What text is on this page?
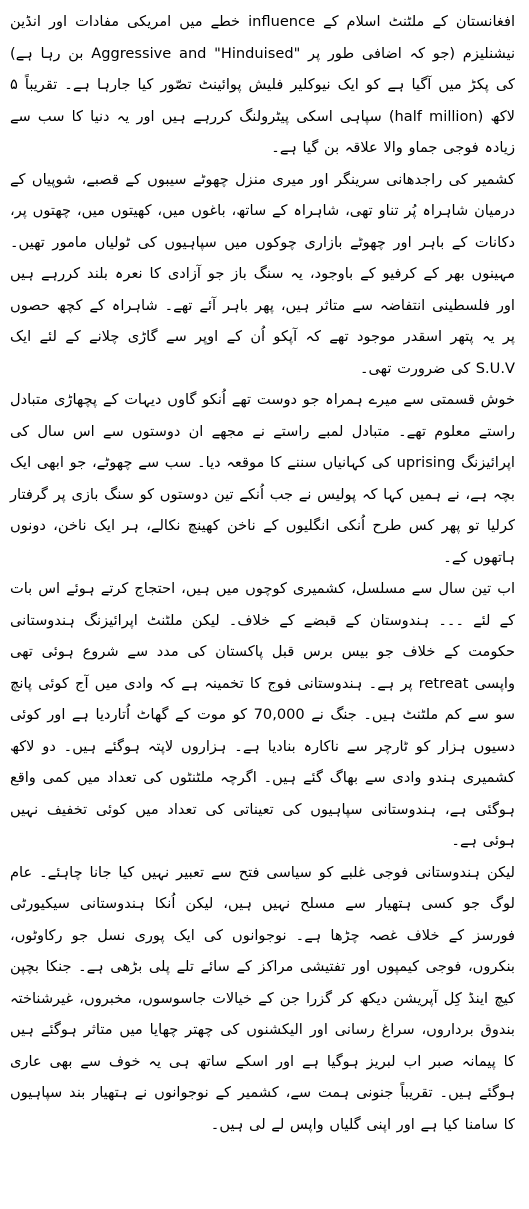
افغانستان کے ملٹنٹ اسلام کے influence خطے میں امریکی مفادات اور انڈین نیشنلیزم (جو کہ اضافی طور پر "Aggressive and "Hinduised بن رہا ہے) کی پکڑ میں آگیا ہے کو ایک نیوکلیر فلیش پوائینٹ تصّور کیا جارہا ہے۔ تقریباً ۵ لاکھ (half million) سپاہی اسکی پیٹرولنگ کررہے ہیں اور یہ دنیا کا سب سے زیادہ فوجی جماو والا علاقہ بن گیا ہے۔

کشمیر کی راجدھانی سرینگر اور میری منزل چھوٹے سیبوں کے قصبے، شوپیاں کے درمیان شاہراہ پُر تناو تھی، شاہراہ کے ساتھ، باغوں میں، کھیتوں میں، چھتوں پر، دکانات کے باہر اور چھوٹے بازاری چوکوں میں سپاہیوں کی ٹولیاں مامور تھیں۔ مہینوں بھر کے کرفیو کے باوجود، یہ سنگ باز جو آزادی کا نعرہ بلند کررہے ہیں اور فلسطینی انتفاضہ سے متاثر ہیں، پھر باہر آئے تھے۔ شاہراہ کے کچھ حصوں پر یہ پتھر اسقدر موجود تھے کہ آپکو اُن کے اوپر سے گاڑی چلانے کے لئے ایک S.U.V کی ضرورت تھی۔

خوش قسمتی سے میرے ہمراہ جو دوست تھے اُنکو گاوں دیہات کے پچھاڑی متبادل راستے معلوم تھے۔ متبادل لمبے راستے نے مجھے ان دوستوں سے اس سال کی اپرائیزنگ uprising کی کہانیاں سننے کا موقعہ دیا۔ سب سے چھوٹے، جو ابھی ایک بچہ ہے، نے ہمیں کہا کہ پولیس نے جب اُنکے تین دوستوں کو سنگ بازی پر گرفتار کرلیا تو پھر کس طرح اُنکی انگلیوں کے ناخن کھینچ نکالے، ہر ایک ناخن، دونوں ہاتھوں کے۔

اب تین سال سے مسلسل، کشمیری کوچوں میں ہیں، احتجاج کرتے ہوئے اس بات کے لئے ۔۔۔ ہندوستان کے قبضے کے خلاف۔ لیکن ملٹنٹ اپرائیزنگ ہندوستانی حکومت کے خلاف جو بیس برس قبل پاکستان کی مدد سے شروع ہوئی تھی واپسی retreat پر ہے۔ ہندوستانی فوج کا تخمینہ ہے کہ وادی میں آج کوئی پانچ سو سے کم ملٹنٹ ہیں۔ جنگ نے 70,000 کو موت کے گھاٹ اُتاردیا ہے اور کوئی دسیوں ہزار کو ٹارچر سے ناکارہ بنادیا ہے۔ ہزاروں لاپتہ ہوگئے ہیں۔ دو لاکھ کشمیری ہندو وادی سے بھاگ گئے ہیں۔ اگرچہ ملٹنٹوں کی تعداد میں کمی واقع ہوگئی ہے، ہندوستانی سپاہیوں کی تعیناتی کی تعداد میں کوئی تخفیف نہیں ہوئی ہے۔

لیکن ہندوستانی فوجی غلبے کو سیاسی فتح سے تعبیر نہیں کیا جانا چاہئے۔ عام لوگ جو کسی ہتھیار سے مسلح نہیں ہیں، لیکن اُنکا ہندوستانی سیکیورٹی فورسز کے خلاف غصہ چڑھا ہے۔ نوجوانوں کی ایک پوری نسل جو رکاوٹوں، بنکروں، فوجی کیمپوں اور تفتیشی مراکز کے سائے تلے پلی بڑھی ہے۔ جنکا بچپن کیچ اینڈ کِل آپریشن دیکھ کر گزرا جن کے خیالات جاسوسوں، مخبروں، غیرشناختہ بندوق برداروں، سراغ رسانی اور الیکشنوں کی چھتر چھایا میں متاثر ہوگئے ہیں کا پیمانہ صبر اب لبریز ہوگیا ہے اور اسکے ساتھ ہی یہ خوف سے بھی عاری ہوگئے ہیں۔ تقریباً جنونی ہمت سے، کشمیر کے نوجوانوں نے ہتھیار بند سپاہیوں کا سامنا کیا ہے اور اپنی گلیاں واپس لے لی ہیں۔
